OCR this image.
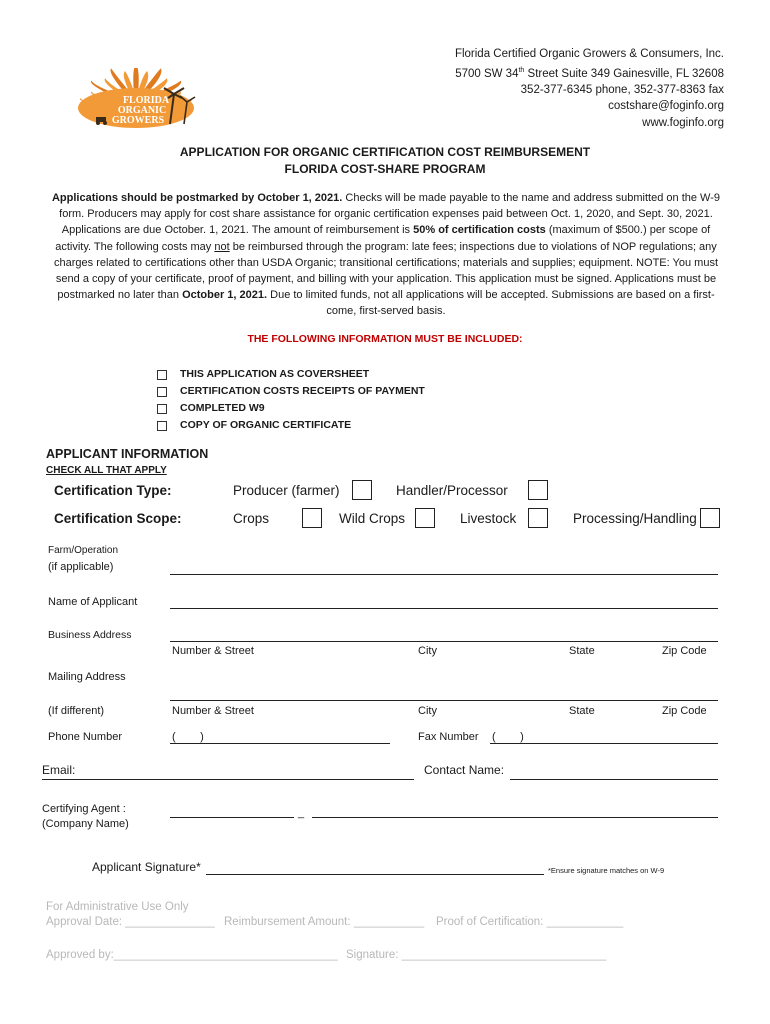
Florida Certified Organic Growers & Consumers, Inc.
5700 SW 34th Street Suite 349 Gainesville, FL 32608
352-377-6345 phone, 352-377-8363 fax
costshare@foginfo.org
www.foginfo.org
FLORIDA
ORGANIC
GROWERS
APPLICATION FOR ORGANIC CERTIFICATION COST REIMBURSEMENT
FLORIDA COST-SHARE PROGRAM
Applications should be postmarked by October 1, 2021. Checks will be made payable to the name and address submitted on the W-9 form. Producers may apply for cost share assistance for organic certification expenses paid between Oct. 1, 2020, and Sept. 30, 2021. Applications are due October. 1, 2021. The amount of reimbursement is 50% of certification costs (maximum of $500.) per scope of activity. The following costs may not be reimbursed through the program: late fees; inspections due to violations of NOP regulations; any charges related to certifications other than USDA Organic; transitional certifications; materials and supplies; equipment. NOTE: You must send a copy of your certificate, proof of payment, and billing with your application. This application must be signed. Applications must be postmarked no later than October 1, 2021. Due to limited funds, not all applications will be accepted. Submissions are based on a first-come, first-served basis.
THE FOLLOWING INFORMATION MUST BE INCLUDED:
THIS APPLICATION AS COVERSHEET
CERTIFICATION COSTS RECEIPTS OF PAYMENT
COMPLETED W9
COPY OF ORGANIC CERTIFICATE
APPLICANT INFORMATION
CHECK ALL THAT APPLY
Certification Type:	Producer (farmer)	Handler/Processor
Certification Scope:	Crops	Wild Crops	Livestock	Processing/Handling
Farm/Operation
(if applicable)
Name of Applicant
Business Address
Number & Street	City	State	Zip Code
Mailing Address
(If different)	Number & Street	City	State	Zip Code
Phone Number	(        )	Fax Number (        )
Email:	Contact Name:
Certifying Agent :
(Company Name)
_
Applicant Signature*	*Ensure signature matches on W-9
For Administrative Use Only
Approval Date: ______________ Reimbursement Amount: ___________ Proof of Certification: ____________
Approved by:___________________________________ Signature: ________________________________
